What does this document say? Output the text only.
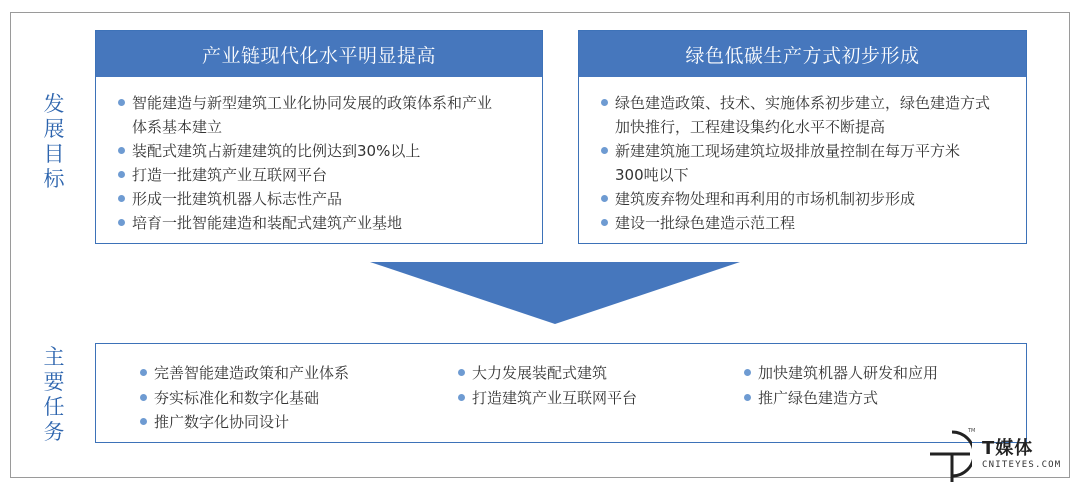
发
展
目
标
主
要
任
务
产业链现代化水平明显提高
智能建造与新型建筑工业化协同发展的政策体系和产业
体系基本建立
装配式建筑占新建建筑的比例达到30%以上
打造一批建筑产业互联网平台
形成一批建筑机器人标志性产品
培育一批智能建造和装配式建筑产业基地
绿色低碳生产方式初步形成
绿色建造政策、技术、实施体系初步建立，绿色建造方式
加快推行，工程建设集约化水平不断提高
新建建筑施工现场建筑垃圾排放量控制在每万平方米
300吨以下
建筑废弃物处理和再利用的市场机制初步形成
建设一批绿色建造示范工程
完善智能建造政策和产业体系
夯实标准化和数字化基础
推广数字化协同设计
大力发展装配式建筑
打造建筑产业互联网平台
加快建筑机器人研发和应用
推广绿色建造方式
TM
T媒体
CNITEYES.COM
